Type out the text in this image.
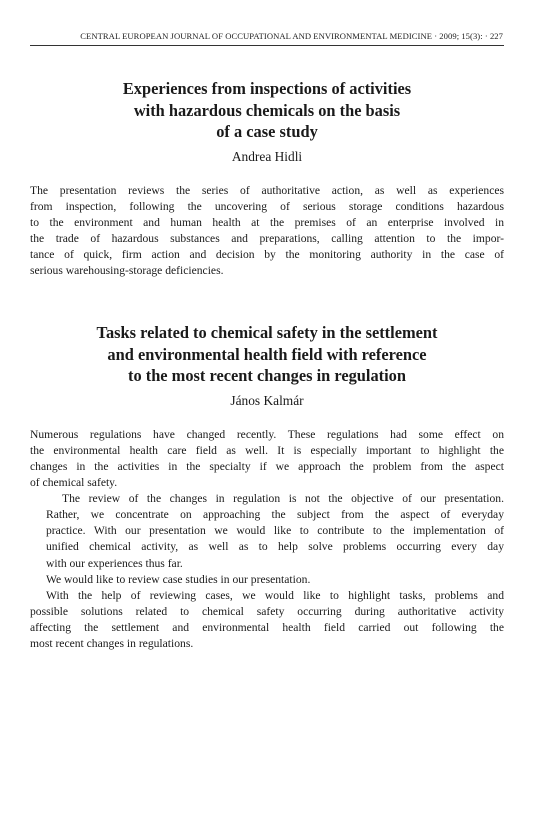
CENTRAL EUROPEAN JOURNAL OF OCCUPATIONAL AND ENVIRONMENTAL MEDICINE · 2009; 15(3): · 227
Experiences from inspections of activities
with hazardous chemicals on the basis
of a case study

Andrea Hidli

The presentation reviews the series of authoritative action, as well as experiences
from inspection, following the uncovering of serious storage conditions hazardous
to the environment and human health at the premises of an enterprise involved in
the trade of hazardous substances and preparations, calling attention to the impor-
tance of quick, firm action and decision by the monitoring authority in the case of
serious warehousing-storage deficiencies.

Tasks related to chemical safety in the settlement
and environmental health field with reference
to the most recent changes in regulation

János Kalmár

Numerous regulations have changed recently. These regulations had some effect on
the environmental health care field as well. It is especially important to highlight the
changes in the activities in the specialty if we approach the problem from the aspect
of chemical safety.

The review of the changes in regulation is not the objective of our presentation.
Rather, we concentrate on approaching the subject from the aspect of everyday
practice. With our presentation we would like to contribute to the implementation of
unified chemical activity, as well as to help solve problems occurring every day
with our experiences thus far.

We would like to review case studies in our presentation.

With the help of reviewing cases, we would like to highlight tasks, problems and
possible solutions related to chemical safety occurring during authoritative activity
affecting the settlement and environmental health field carried out following the
most recent changes in regulations.
